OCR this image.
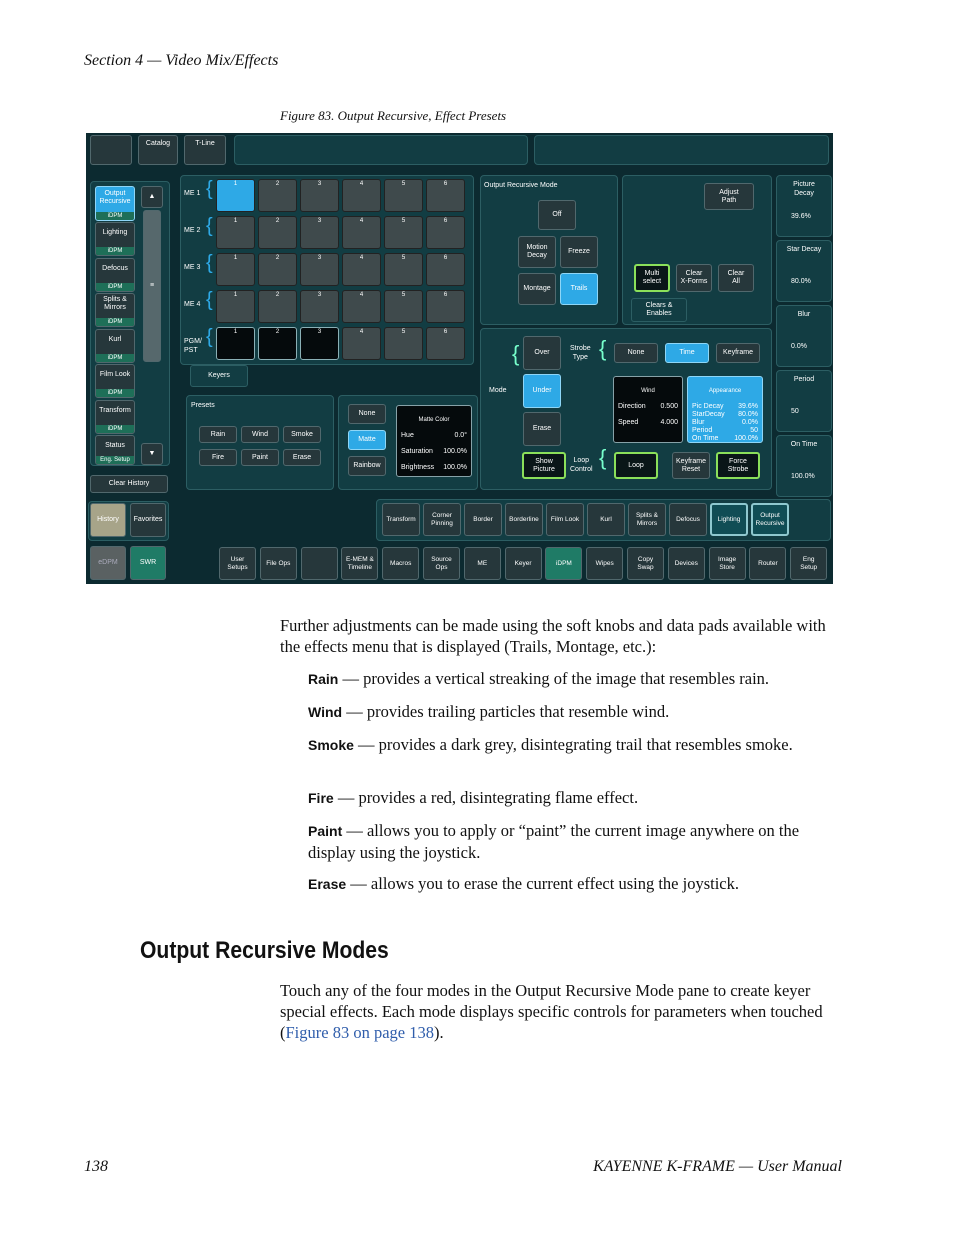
Section 4 — Video Mix/Effects
Figure 83. Output Recursive, Effect Presets
Catalog	T-Line
Output
Recursive
iDPM
Lighting
iDPM
Defocus
iDPM
Splits &
Mirrors
iDPM
Kurl
iDPM
Film Look
iDPM
Transform
iDPM
Status
Eng. Setup
▲
≡
▼
Clear History
History	Favorites
eDPM	SWR
ME 1 {
ME 2 {
ME 3 {
ME 4 {
PGM/
PST
{
1	2	3	4	5	6
1	2	3	4	5	6
1	2	3	4	5	6
1	2	3	4	5	6
1	2	3	4	5	6
Keyers
Presets
Rain	Wind	Smoke
Fire	Paint	Erase
None
Matte
Rainbow

Matte Color

Hue	0.0°

Saturation 100.0%

Brightness 100.0%

Output Recursive Mode
Off
Motion
Decay
Freeze
Montage	Trails
Adjust
Path
Multi
select
Clear
X-Forms
Clear
All
Clears &
Enables
Mode
{	Over
Under
Erase
Strobe
Type {	None	Time	Keyframe

Wind

Direction 0.500

Speed	4.000

Appearance

Pic Decay 39.6%
StarDecay 80.0%
Blur	0.0%
Period	50
On Time 100.0%

Show
Picture
Loop
Control {	Loop
Keyframe
Reset
Force
Strobe
Picture
Decay
39.6%
Star Decay
80.0%
Blur
0.0%
Period
50
On Time
100.0%
Transform
Corner
Pinning
Border	Borderline	Film Look	Kurl
Splits &
Mirrors
Defocus	Lighting
Output
Recursive
User
Setups
File Ops
E-MEM &
Timeline
Macros
Source
Ops
ME	Keyer	iDPM	Wipes
Copy
Swap
Devices
Image
Store
Router
Eng
Setup
Further adjustments can be made using the soft knobs and data pads available with the effects menu that is displayed (Trails, Montage, etc.):
Rain — provides a vertical streaking of the image that resembles rain.
Wind — provides trailing particles that resemble wind.
Smoke — provides a dark grey, disintegrating trail that resembles smoke.
Fire — provides a red, disintegrating flame effect.
Paint — allows you to apply or “paint” the current image anywhere on the display using the joystick.
Erase — allows you to erase the current effect using the joystick.
Output Recursive Modes
Touch any of the four modes in the Output Recursive Mode pane to create keyer special effects. Each mode displays specific controls for parameters when touched (Figure 83 on page 138).
138	KAYENNE K-FRAME — User Manual
